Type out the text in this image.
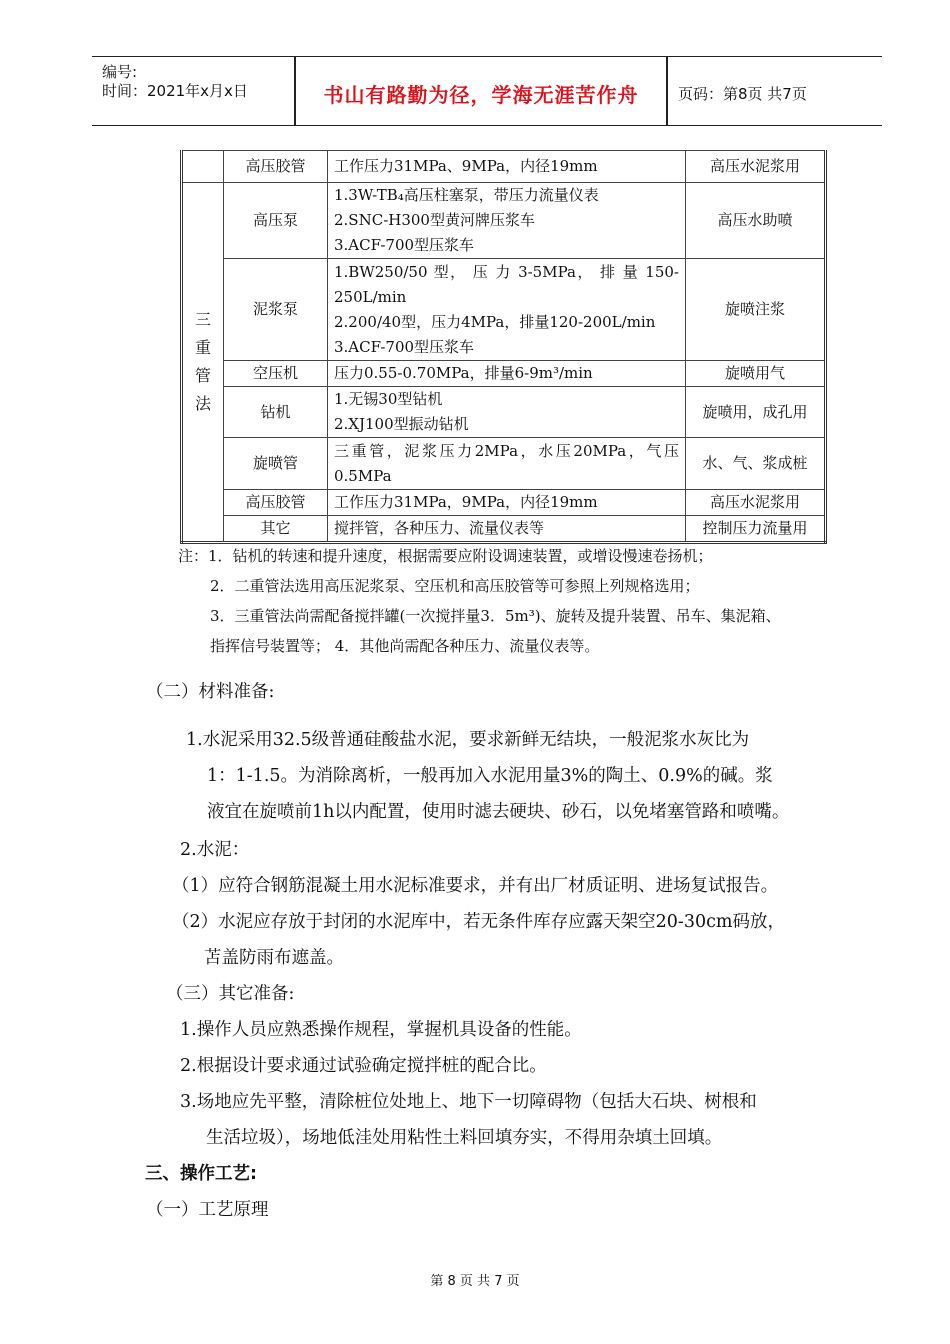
编号:
时间：2021年x月x日	书山有路勤为径，学海无涯苦作舟	页码：第8页 共7页
	高压胶管	工作压力31MPa、9MPa，内径19mm	高压水泥浆用
三重管法	高压泵	1.3W-TB₄高压柱塞泵，带压力流量仪表
2.SNC-H300型黄河牌压浆车
3.ACF-700型压浆车	高压水助喷
	泥浆泵	1.BW250/50 型， 压 力 3-5MPa， 排 量 150-250L/min
2.200/40型，压力4MPa，排量120-200L/min
3.ACF-700型压浆车	旋喷注浆
	空压机	压力0.55-0.70MPa，排量6-9m³/min	旋喷用气
	钻机	1.无锡30型钻机
2.XJ100型振动钻机	旋喷用，成孔用
	旋喷管	三重管，泥浆压力2MPa，水压20MPa，气压0.5MPa	水、气、浆成桩
	高压胶管	工作压力31MPa，9MPa，内径19mm	高压水泥浆用
	其它	搅拌管，各种压力、流量仪表等	控制压力流量用
注：1．钻机的转速和提升速度，根据需要应附设调速装置，或增设慢速卷扬机；
2．二重管法选用高压泥浆泵、空压机和高压胶管等可参照上列规格选用；
3．三重管法尚需配备搅拌罐(一次搅拌量3．5m³)、旋转及提升装置、吊车、集泥箱、
指挥信号装置等； 4．其他尚需配各种压力、流量仪表等。
（二）材料准备:
1.水泥采用32.5级普通硅酸盐水泥，要求新鲜无结块，一般泥浆水灰比为
1：1-1.5。为消除离析，一般再加入水泥用量3%的陶土、0.9%的碱。浆
液宜在旋喷前1h以内配置，使用时滤去硬块、砂石，以免堵塞管路和喷嘴。
2.水泥：
（1）应符合钢筋混凝土用水泥标准要求，并有出厂材质证明、进场复试报告。
（2）水泥应存放于封闭的水泥库中，若无条件库存应露天架空20-30cm码放，
苫盖防雨布遮盖。
（三）其它准备:
1.操作人员应熟悉操作规程，掌握机具设备的性能。
2.根据设计要求通过试验确定搅拌桩的配合比。
3.场地应先平整，清除桩位处地上、地下一切障碍物（包括大石块、树根和
生活垃圾），场地低洼处用粘性土料回填夯实，不得用杂填土回填。
三、操作工艺:
（一）工艺原理
第 8 页 共 7 页
